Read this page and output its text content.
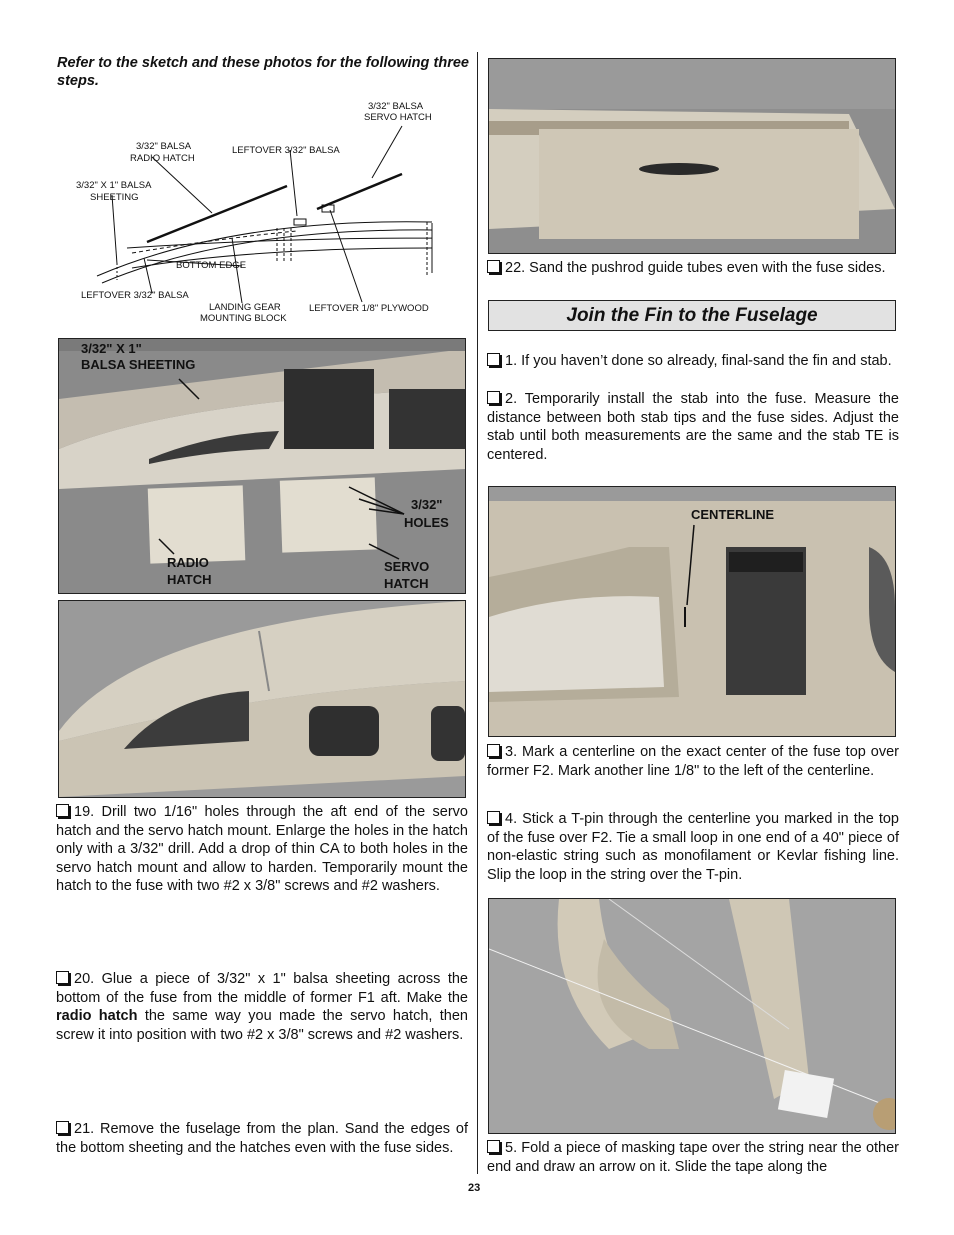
Refer to the sketch and these photos for the following three steps.
3/32" BALSA
SERVO HATCH
3/32" BALSA
RADIO HATCH
LEFTOVER 3/32" BALSA
3/32" X 1" BALSA
SHEETING
BOTTOM EDGE
LEFTOVER 3/32" BALSA
LANDING GEAR
MOUNTING BLOCK
LEFTOVER 1/8" PLYWOOD
3/32" X 1"
BALSA SHEETING
3/32"
HOLES
RADIO
HATCH
SERVO
HATCH
19. Drill two 1/16" holes through the aft end of the servo hatch and the servo hatch mount. Enlarge the holes in the hatch only with a 3/32" drill. Add a drop of thin CA to both holes in the servo hatch mount and allow to harden. Temporarily mount the hatch to the fuse with two #2 x 3/8" screws and #2 washers.
20. Glue a piece of 3/32" x 1" balsa sheeting across the bottom of the fuse from the middle of former F1 aft. Make the radio hatch the same way you made the servo hatch, then screw it into position with two #2 x 3/8" screws and #2 washers.
21. Remove the fuselage from the plan. Sand the edges of the bottom sheeting and the hatches even with the fuse sides.
22. Sand the pushrod guide tubes even with the fuse sides.
Join the Fin to the Fuselage
1. If you haven’t done so already, final-sand the fin and stab.
2. Temporarily install the stab into the fuse. Measure the distance between both stab tips and the fuse sides. Adjust the stab until both measurements are the same and the stab TE is centered.
CENTERLINE
3. Mark a centerline on the exact center of the fuse top over former F2. Mark another line 1/8" to the left of the centerline.
4. Stick a T-pin through the centerline you marked in the top of the fuse over F2. Tie a small loop in one end of a 40" piece of non-elastic string such as monofilament or Kevlar fishing line. Slip the loop in the string over the T-pin.
5. Fold a piece of masking tape over the string near the other end and draw an arrow on it. Slide the tape along the
23
